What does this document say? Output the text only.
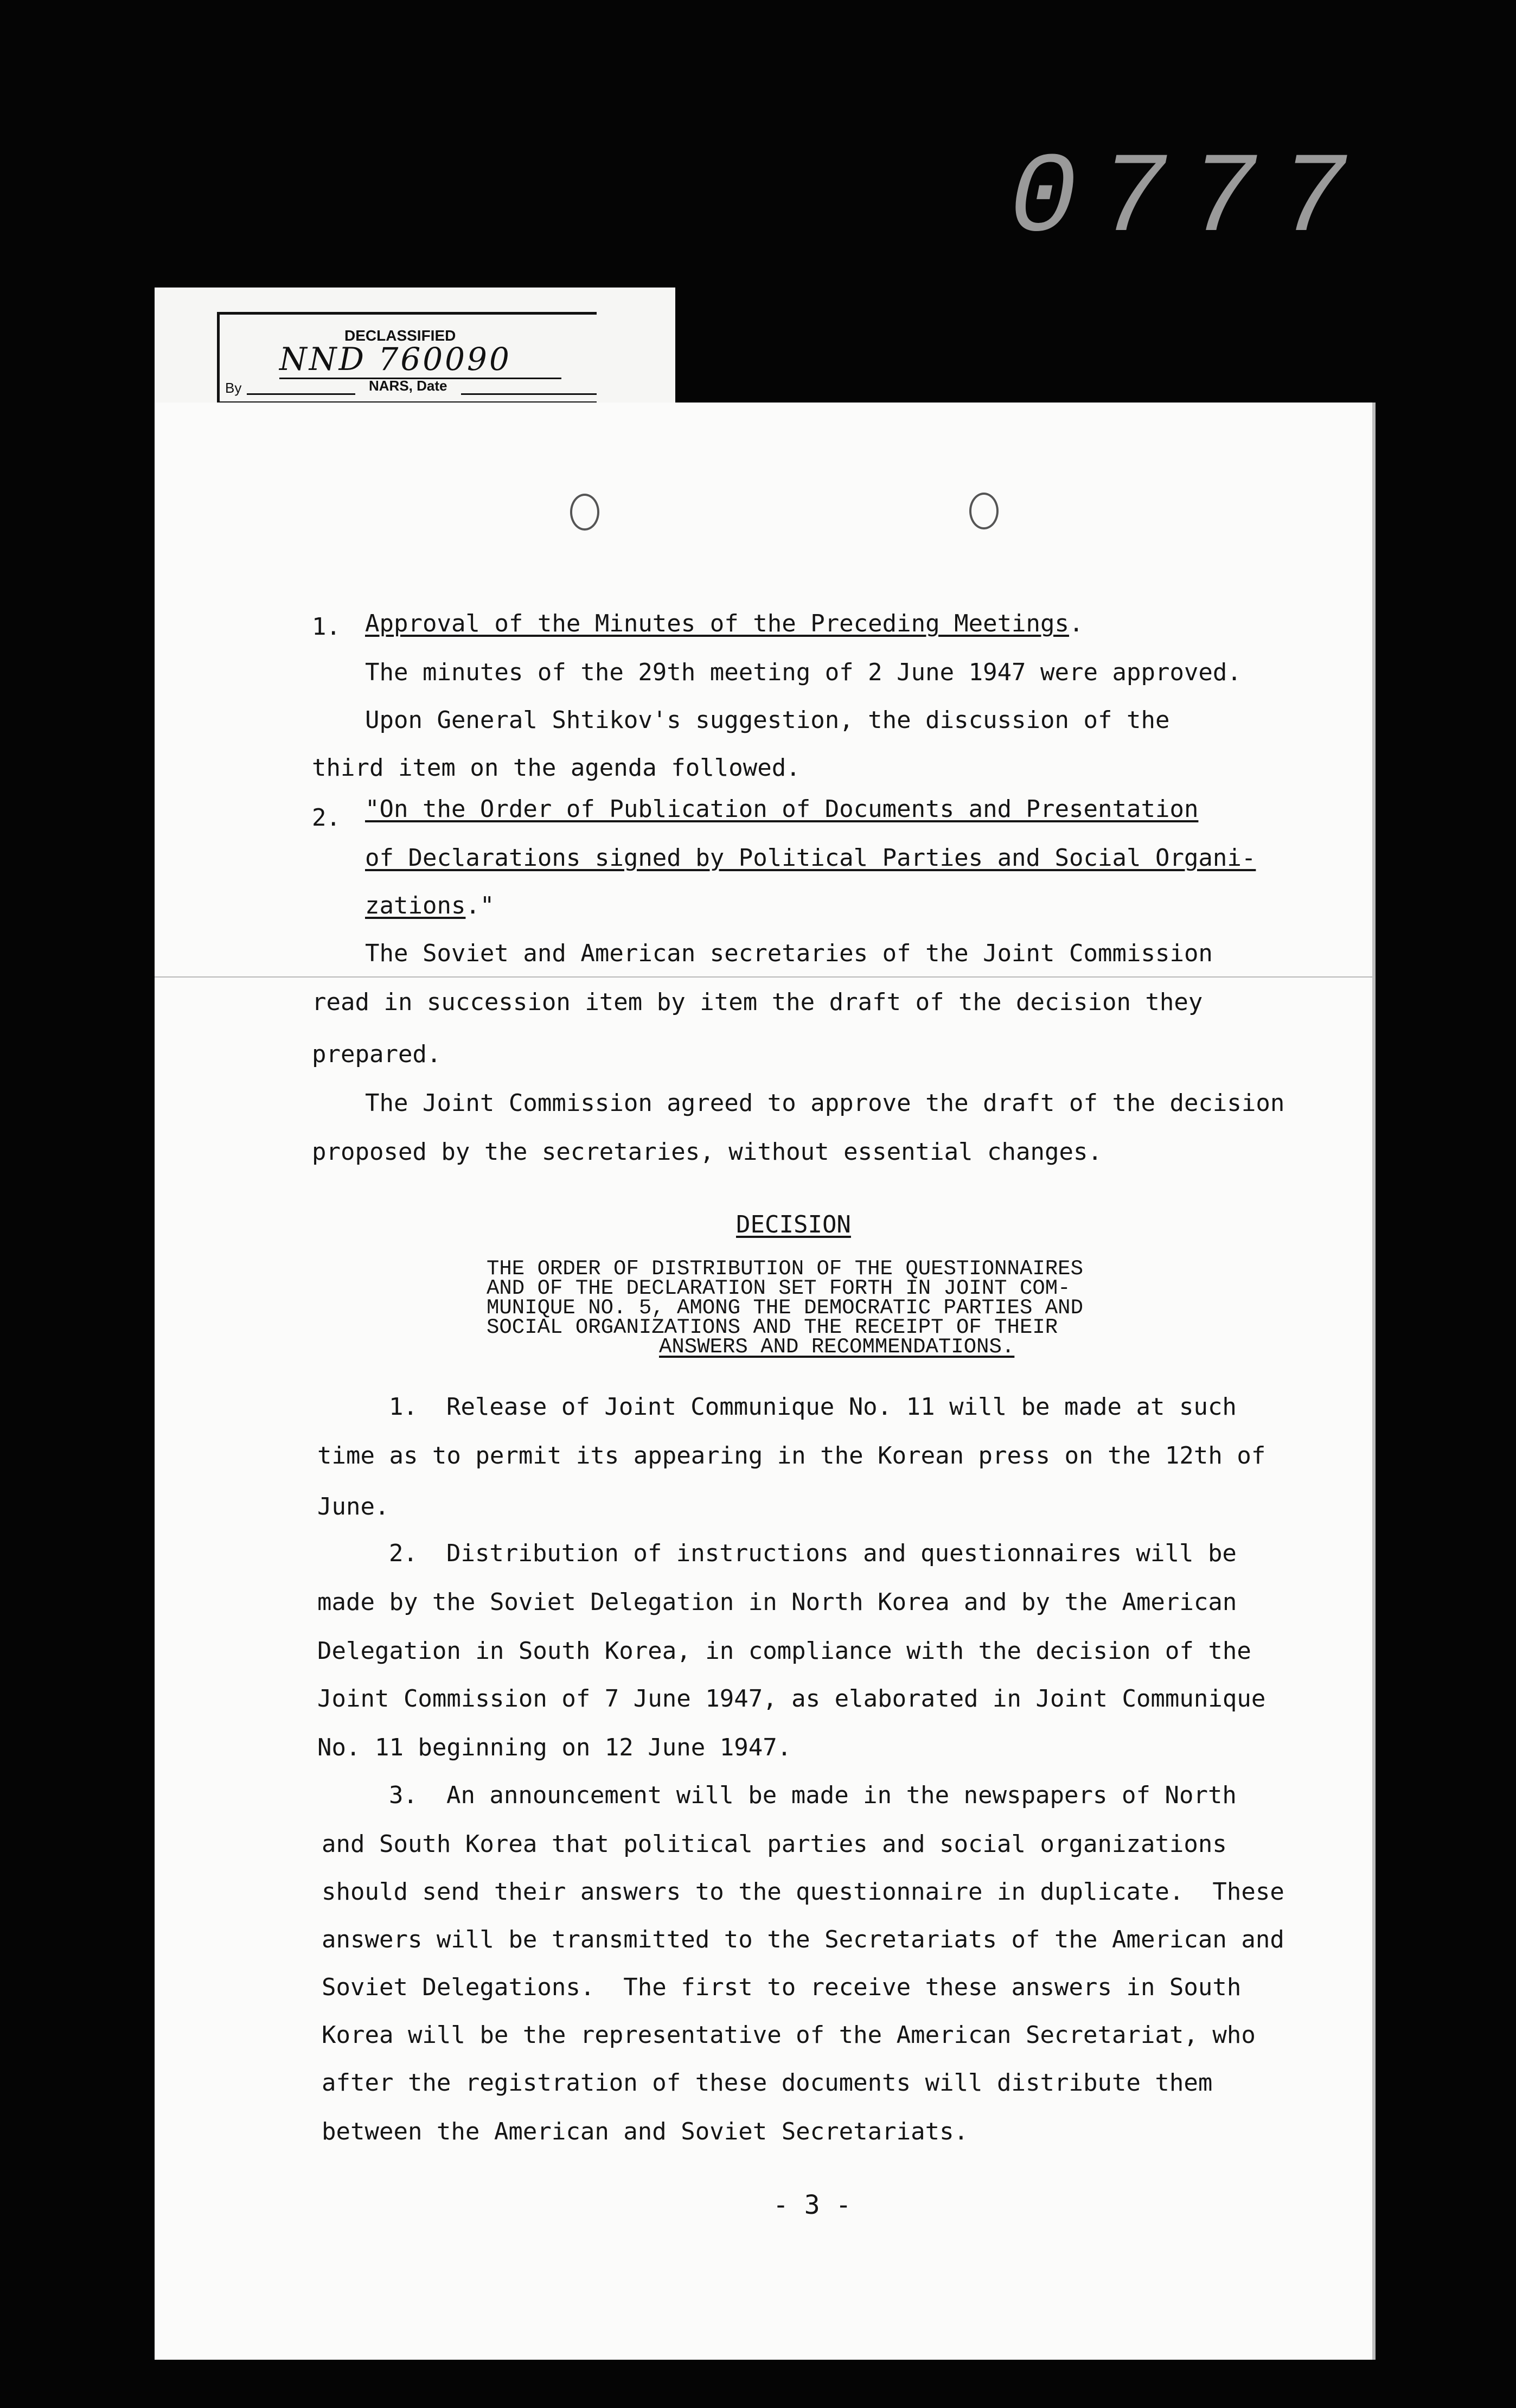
0777
DECLASSIFIED
NND 760090
By	NARS, Date
1. Approval of the Minutes of the Preceding Meetings.
The minutes of the 29th meeting of 2 June 1947 were approved.
Upon General Shtikov's suggestion, the discussion of the
third item on the agenda followed.
2. "On the Order of Publication of Documents and Presentation
of Declarations signed by Political Parties and Social Organi-
zations."
The Soviet and American secretaries of the Joint Commission
read in succession item by item the draft of the decision they
prepared.
The Joint Commission agreed to approve the draft of the decision
proposed by the secretaries, without essential changes.
DECISION
THE ORDER OF DISTRIBUTION OF THE QUESTIONNAIRES
AND OF THE DECLARATION SET FORTH IN JOINT COM-
MUNIQUE NO. 5, AMONG THE DEMOCRATIC PARTIES AND
SOCIAL ORGANIZATIONS AND THE RECEIPT OF THEIR
ANSWERS AND RECOMMENDATIONS.
1.  Release of Joint Communique No. 11 will be made at such
time as to permit its appearing in the Korean press on the 12th of
June.
2.  Distribution of instructions and questionnaires will be
made by the Soviet Delegation in North Korea and by the American
Delegation in South Korea, in compliance with the decision of the
Joint Commission of 7 June 1947, as elaborated in Joint Communique
No. 11 beginning on 12 June 1947.
3.  An announcement will be made in the newspapers of North
and South Korea that political parties and social organizations
should send their answers to the questionnaire in duplicate.  These
answers will be transmitted to the Secretariats of the American and
Soviet Delegations.  The first to receive these answers in South
Korea will be the representative of the American Secretariat, who
after the registration of these documents will distribute them
between the American and Soviet Secretariats.
- 3 -
